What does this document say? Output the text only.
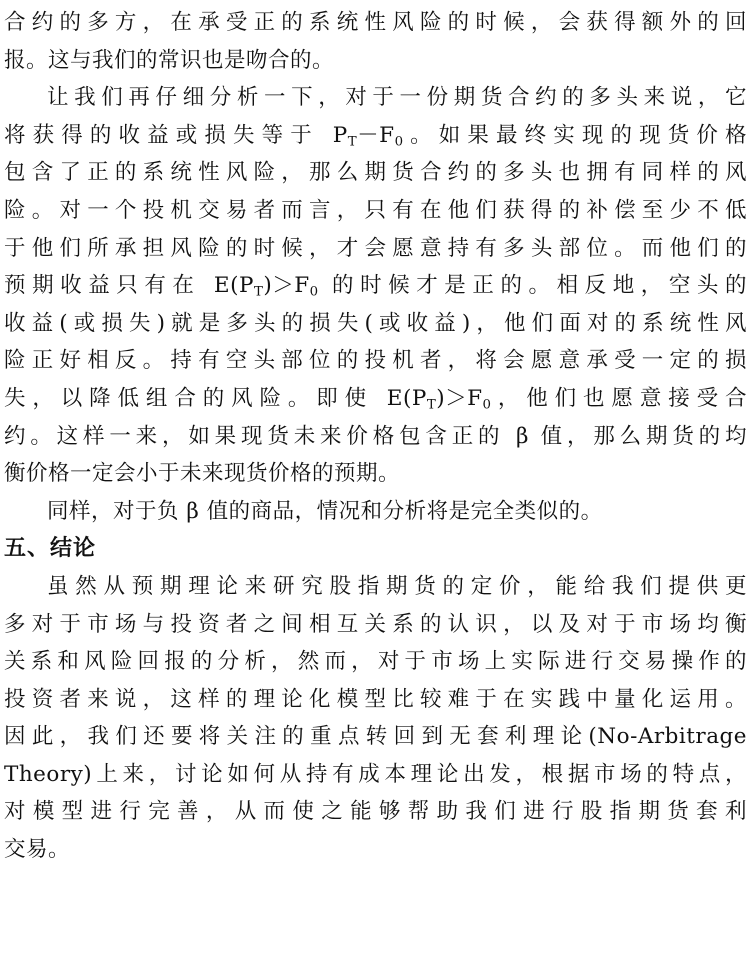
合约的多方，在承受正的系统性风险的时候，会获得额外的回
报。这与我们的常识也是吻合的。

让我们再仔细分析一下，对于一份期货合约的多头来说，它
将获得的收益或损失等于 $P_T-F_0$。如果最终实现的现货价格
包含了正的系统性风险，那么期货合约的多头也拥有同样的风
险。对一个投机交易者而言，只有在他们获得的补偿至少不低
于他们所承担风险的时候，才会愿意持有多头部位。而他们的
预期收益只有在 $E(P_T)>F_0$ 的时候才是正的。相反地，空头的
收益(或损失)就是多头的损失(或收益)，他们面对的系统性风
险正好相反。持有空头部位的投机者，将会愿意承受一定的损
失，以降低组合的风险。即使 $E(P_T)>F_0$，他们也愿意接受合
约。这样一来，如果现货未来价格包含正的 β 值，那么期货的均
衡价格一定会小于未来现货价格的预期。

同样，对于负 β 值的商品，情况和分析将是完全类似的。

五、结论

虽然从预期理论来研究股指期货的定价，能给我们提供更
多对于市场与投资者之间相互关系的认识，以及对于市场均衡
关系和风险回报的分析，然而，对于市场上实际进行交易操作的
投资者来说，这样的理论化模型比较难于在实践中量化运用。
因此，我们还要将关注的重点转回到无套利理论(No-Arbitrage
Theory)上来，讨论如何从持有成本理论出发，根据市场的特点，
对模型进行完善，从而使之能够帮助我们进行股指期货套利
交易。
